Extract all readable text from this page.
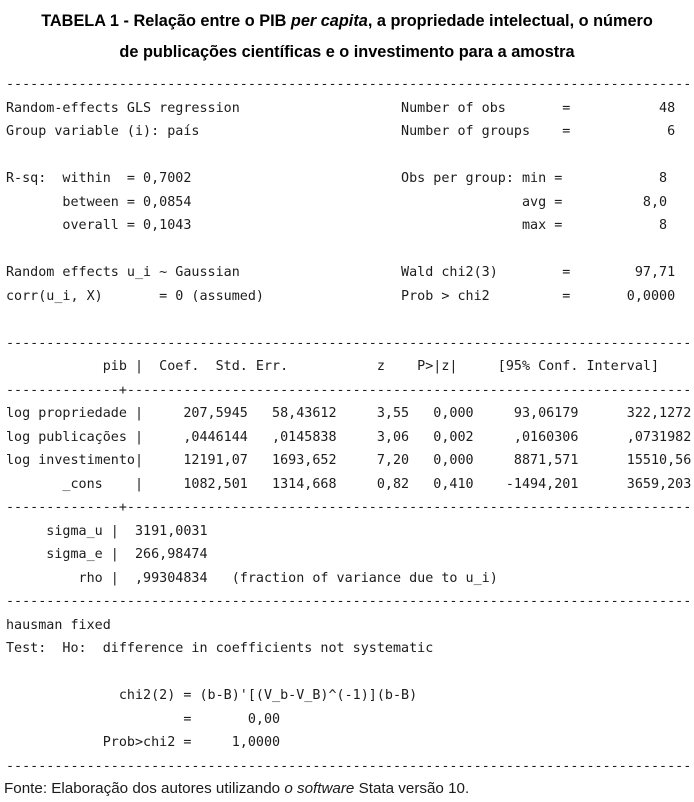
TABELA 1 - Relação entre o PIB per capita, a propriedade intelectual, o número
de publicações científicas e o investimento para a amostra
-------------------------------------------------------------------------------------
Random-effects GLS regression                    Number of obs       =           48
Group variable (i): país                         Number of groups    =            6
R-sq:  within  = 0,7002                          Obs per group: min =            8
between = 0,0854                                         avg =          8,0
overall = 0,1043                                         max =            8
Random effects u_i ~ Gaussian                    Wald chi2(3)        =        97,71
corr(u_i, X)       = 0 (assumed)                 Prob > chi2         =       0,0000
-------------------------------------------------------------------------------------
pib |  Coef.  Std. Err.           z    P>|z|     [95% Conf. Interval]
--------------+----------------------------------------------------------------------
log propriedade |     207,5945   58,43612     3,55   0,000     93,06179      322,1272
log publicações |     ,0446144   ,0145838     3,06   0,002     ,0160306      ,0731982
log investimento|     12191,07   1693,652     7,20   0,000     8871,571      15510,56
_cons    |     1082,501   1314,668     0,82   0,410    -1494,201      3659,203
--------------+----------------------------------------------------------------------
sigma_u |  3191,0031
sigma_e |  266,98474
rho |  ,99304834   (fraction of variance due to u_i)
-------------------------------------------------------------------------------------
hausman fixed
Test:  Ho:  difference in coefficients not systematic
chi2(2) = (b-B)'[(V_b-V_B)^(-1)](b-B)
=       0,00
Prob>chi2 =     1,0000
-------------------------------------------------------------------------------------
Fonte: Elaboração dos autores utilizando o software Stata versão 10.
